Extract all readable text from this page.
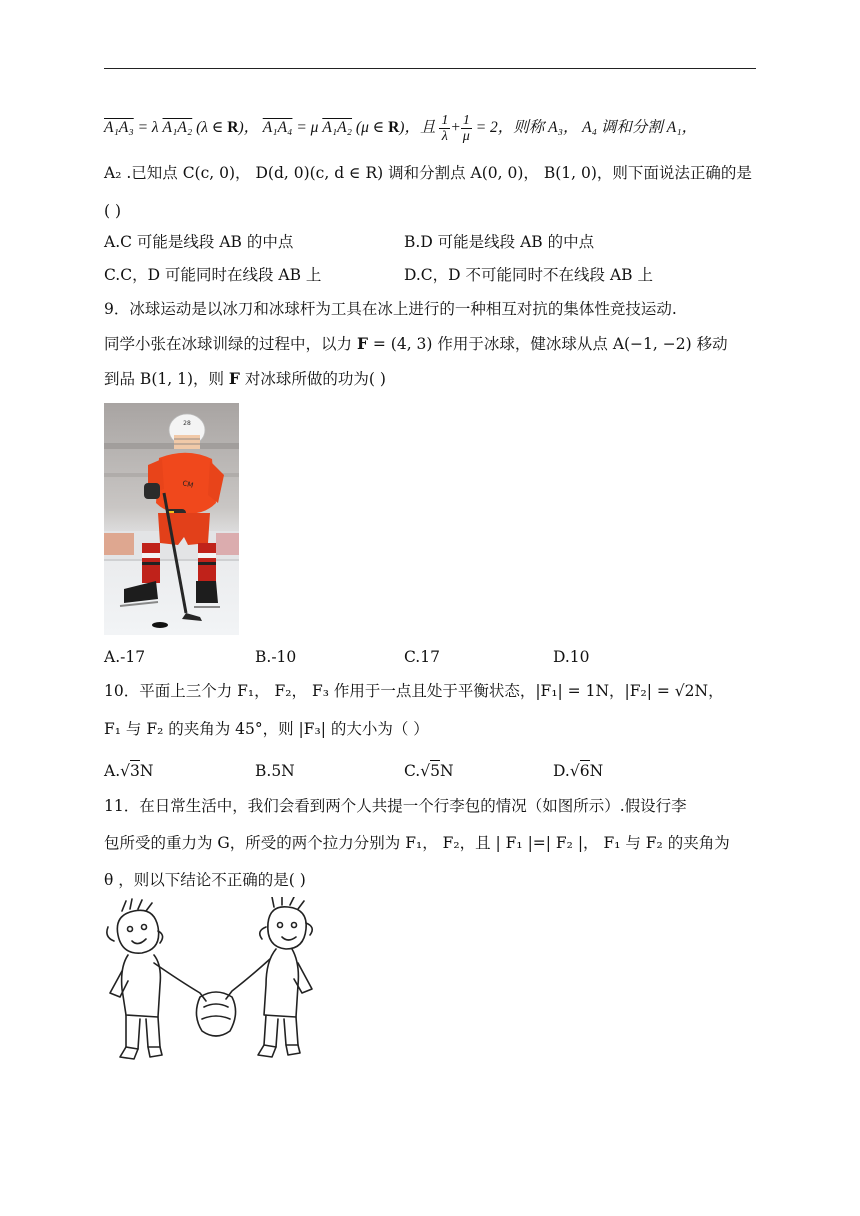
A₁A₃ = λ A₁A₂ (λ ∈ R)， A₁A₄ = μ A₁A₂ (μ ∈ R)，且 $\frac{1}{\lambda} + \frac{1}{\mu} = 2$，则称 A₃， A₄ 调和分割 A₁，
A₂ .已知点 C(c, 0)， D(d, 0)(c, d ∈ R) 调和分割点 A(0, 0)， B(1, 0)，则下面说法正确的是
( )
A.C 可能是线段 AB 的中点	B.D 可能是线段 AB 的中点
C.C，D 可能同时在线段 AB 上	D.C，D 不可能同时不在线段 AB 上
9．冰球运动是以冰刀和冰球杆为工具在冰上进行的一种相互对抗的集体性竞技运动.
同学小张在冰球训绿的过程中，以力 F = (4, 3) 作用于冰球，健冰球从点 A(−1, −2) 移动
到品 B(1, 1)，则 F 对冰球所做的功为( )
28
CM
A.-17	B.-10	C.17	D.10
10．平面上三个力 F₁， F₂， F₃ 作用于一点且处于平衡状态，|F₁| = 1N，|F₂| = √2N，
F₁ 与 F₂ 的夹角为 45°，则 |F₃| 的大小为（ ）
A.√3N	B.5N	C.√5N	D.√6N
11．在日常生活中，我们会看到两个人共提一个行李包的情况（如图所示）.假设行李
包所受的重力为 G，所受的两个拉力分别为 F₁， F₂，且 | F₁ |=| F₂ |， F₁ 与 F₂ 的夹角为
θ ，则以下结论不正确的是( )
